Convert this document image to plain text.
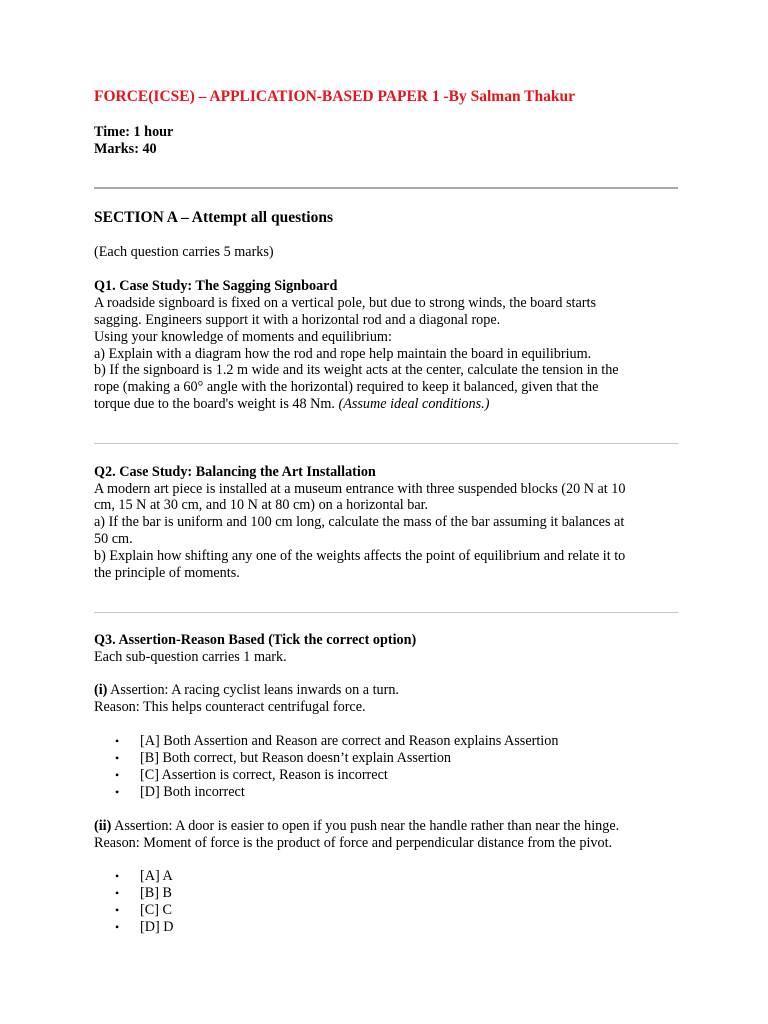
FORCE(ICSE) – APPLICATION-BASED PAPER 1 -By Salman Thakur
Time: 1 hour
Marks: 40
SECTION A – Attempt all questions
(Each question carries 5 marks)
Q1. Case Study: The Sagging Signboard
A roadside signboard is fixed on a vertical pole, but due to strong winds, the board starts
sagging. Engineers support it with a horizontal rod and a diagonal rope.
Using your knowledge of moments and equilibrium:
a) Explain with a diagram how the rod and rope help maintain the board in equilibrium.
b) If the signboard is 1.2 m wide and its weight acts at the center, calculate the tension in the
rope (making a 60° angle with the horizontal) required to keep it balanced, given that the
torque due to the board's weight is 48 Nm. (Assume ideal conditions.)
Q2. Case Study: Balancing the Art Installation
A modern art piece is installed at a museum entrance with three suspended blocks (20 N at 10
cm, 15 N at 30 cm, and 10 N at 80 cm) on a horizontal bar.
a) If the bar is uniform and 100 cm long, calculate the mass of the bar assuming it balances at
50 cm.
b) Explain how shifting any one of the weights affects the point of equilibrium and relate it to
the principle of moments.
Q3. Assertion-Reason Based (Tick the correct option)
Each sub-question carries 1 mark.
(i) Assertion: A racing cyclist leans inwards on a turn.
Reason: This helps counteract centrifugal force.
• [A] Both Assertion and Reason are correct and Reason explains Assertion
• [B] Both correct, but Reason doesn’t explain Assertion
• [C] Assertion is correct, Reason is incorrect
• [D] Both incorrect
(ii) Assertion: A door is easier to open if you push near the handle rather than near the hinge.
Reason: Moment of force is the product of force and perpendicular distance from the pivot.
• [A] A
• [B] B
• [C] C
• [D] D
